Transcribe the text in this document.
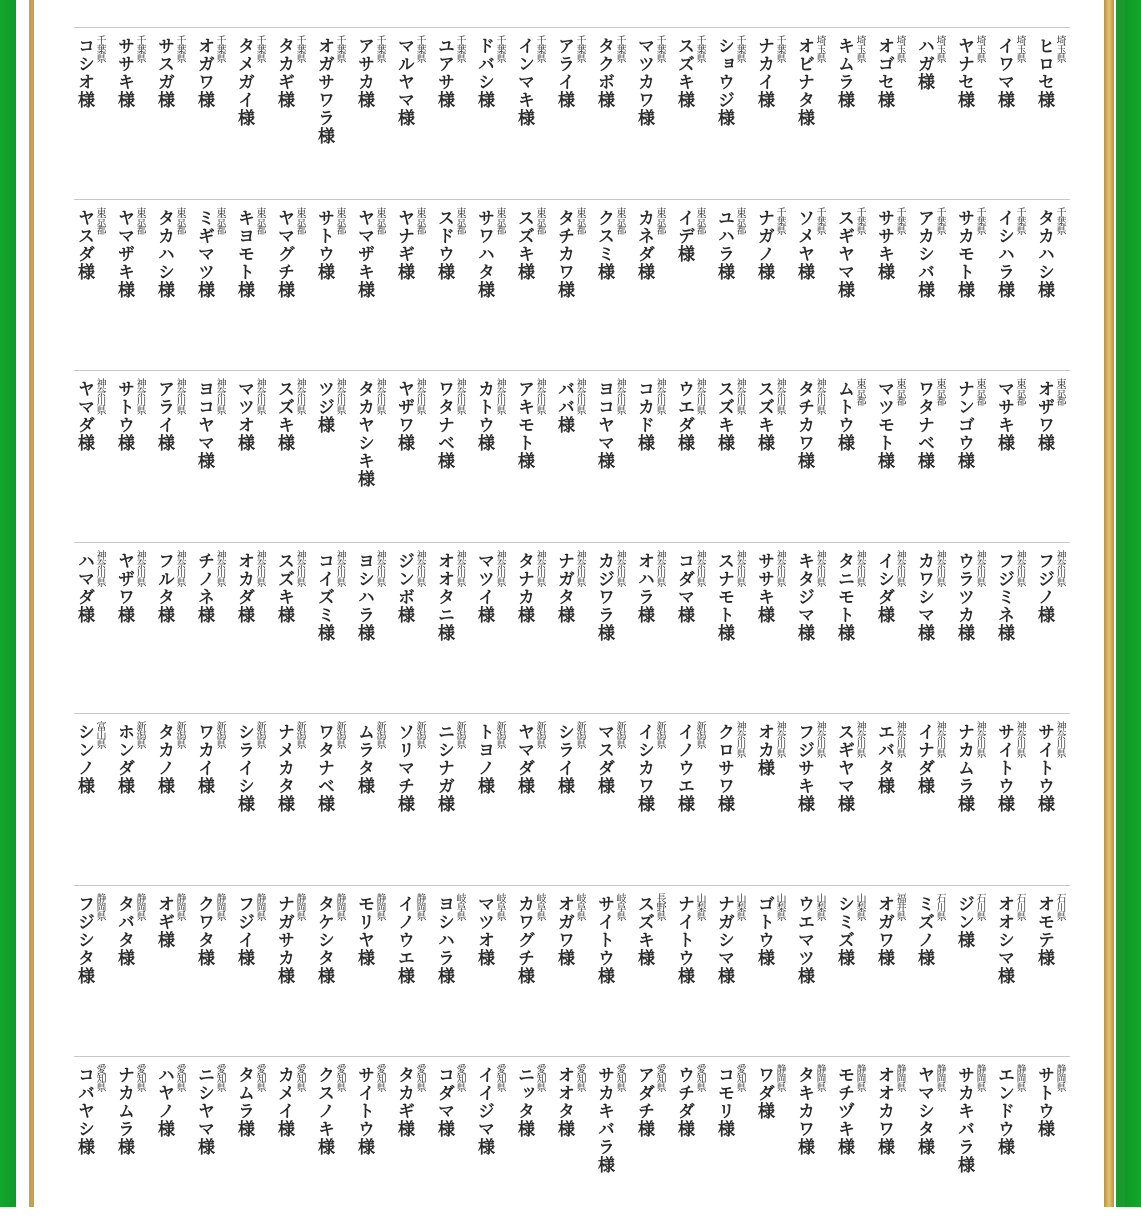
埼玉県
ヒロセ様
埼玉県
イワマ様
埼玉県
ヤナセ様
埼玉県
ハガ様
埼玉県
オゴセ様
埼玉県
キムラ様
埼玉県
オビナタ様
千葉県
ナカイ様
千葉県
ショウジ様
千葉県
スズキ様
千葉県
マツカワ様
千葉県
タクボ様
千葉県
アライ様
千葉県
インマキ様
千葉県
ドバシ様
千葉県
ユアサ様
千葉県
マルヤマ様
千葉県
アサカ様
千葉県
オガサワラ様
千葉県
タカギ様
千葉県
タメガイ様
千葉県
オガワ様
千葉県
サスガ様
千葉県
ササキ様
千葉県
コシオ様
千葉県
タカハシ様
千葉県
イシハラ様
千葉県
サカモト様
千葉県
アカシバ様
千葉県
ササキ様
千葉県
スギヤマ様
千葉県
ソメヤ様
千葉県
ナガノ様
東京都
ユハラ様
東京都
イデ様
東京都
カネダ様
東京都
クスミ様
東京都
タチカワ様
東京都
スズキ様
東京都
サワハタ様
東京都
スドウ様
東京都
ヤナギ様
東京都
ヤマザキ様
東京都
サトウ様
東京都
ヤマグチ様
東京都
キヨモト様
東京都
ミギマツ様
東京都
タカハシ様
東京都
ヤマザキ様
東京都
ヤスダ様
東京都
オザワ様
東京都
マサキ様
東京都
ナンゴウ様
東京都
ワタナベ様
東京都
マツモト様
東京都
ムトウ様
神奈川県
タチカワ様
神奈川県
スズキ様
神奈川県
スズキ様
神奈川県
ウエダ様
神奈川県
コカド様
神奈川県
ヨコヤマ様
神奈川県
ババ様
神奈川県
アキモト様
神奈川県
カトウ様
神奈川県
ワタナベ様
神奈川県
ヤザワ様
神奈川県
タカヤシキ様
神奈川県
ツジ様
神奈川県
スズキ様
神奈川県
マツオ様
神奈川県
ヨコヤマ様
神奈川県
アライ様
神奈川県
サトウ様
神奈川県
ヤマダ様
神奈川県
フジノ様
神奈川県
フジミネ様
神奈川県
ウラツカ様
神奈川県
カワシマ様
神奈川県
イシダ様
神奈川県
タニモト様
神奈川県
キタジマ様
神奈川県
ササキ様
神奈川県
スナモト様
神奈川県
コダマ様
神奈川県
オハラ様
神奈川県
カジワラ様
神奈川県
ナガタ様
神奈川県
タナカ様
神奈川県
マツイ様
神奈川県
オオタニ様
神奈川県
ジンボ様
神奈川県
ヨシハラ様
神奈川県
コイズミ様
神奈川県
スズキ様
神奈川県
オカダ様
神奈川県
チノネ様
神奈川県
フルタ様
神奈川県
ヤザワ様
神奈川県
ハマダ様
神奈川県
サイトウ様
神奈川県
サイトウ様
神奈川県
ナカムラ様
神奈川県
イナダ様
神奈川県
エバタ様
神奈川県
スギヤマ様
神奈川県
フジサキ様
神奈川県
オカ様
神奈川県
クロサワ様
新潟県
イノウエ様
新潟県
イシカワ様
新潟県
マスダ様
新潟県
シライ様
新潟県
ヤマダ様
新潟県
トヨノ様
新潟県
ニシナガ様
新潟県
ソリマチ様
新潟県
ムラタ様
新潟県
ワタナベ様
新潟県
ナメカタ様
新潟県
シライシ様
新潟県
ワカイ様
新潟県
タカノ様
新潟県
ホンダ様
富山県
シンノ様
石川県
オモテ様
石川県
オオシマ様
石川県
ジン様
石川県
ミズノ様
福井県
オガワ様
山梨県
シミズ様
山梨県
ウエマツ様
山梨県
ゴトウ様
山梨県
ナガシマ様
山梨県
ナイトウ様
長野県
スズキ様
岐阜県
サイトウ様
岐阜県
オガワ様
岐阜県
カワグチ様
岐阜県
マツオ様
岐阜県
ヨシハラ様
静岡県
イノウエ様
静岡県
モリヤ様
静岡県
タケシタ様
静岡県
ナガサカ様
静岡県
フジイ様
静岡県
クワタ様
静岡県
オギ様
静岡県
タバタ様
静岡県
フジシタ様
静岡県
サトウ様
静岡県
エンドウ様
静岡県
サカキバラ様
静岡県
ヤマシタ様
静岡県
オオカワ様
静岡県
モチヅキ様
静岡県
タキカワ様
静岡県
ワダ様
愛知県
コモリ様
愛知県
ウチダ様
愛知県
アダチ様
愛知県
サカキバラ様
愛知県
オオタ様
愛知県
ニッタ様
愛知県
イイジマ様
愛知県
コダマ様
愛知県
タカギ様
愛知県
サイトウ様
愛知県
クスノキ様
愛知県
カメイ様
愛知県
タムラ様
愛知県
ニシヤマ様
愛知県
ハヤノ様
愛知県
ナカムラ様
愛知県
コバヤシ様
